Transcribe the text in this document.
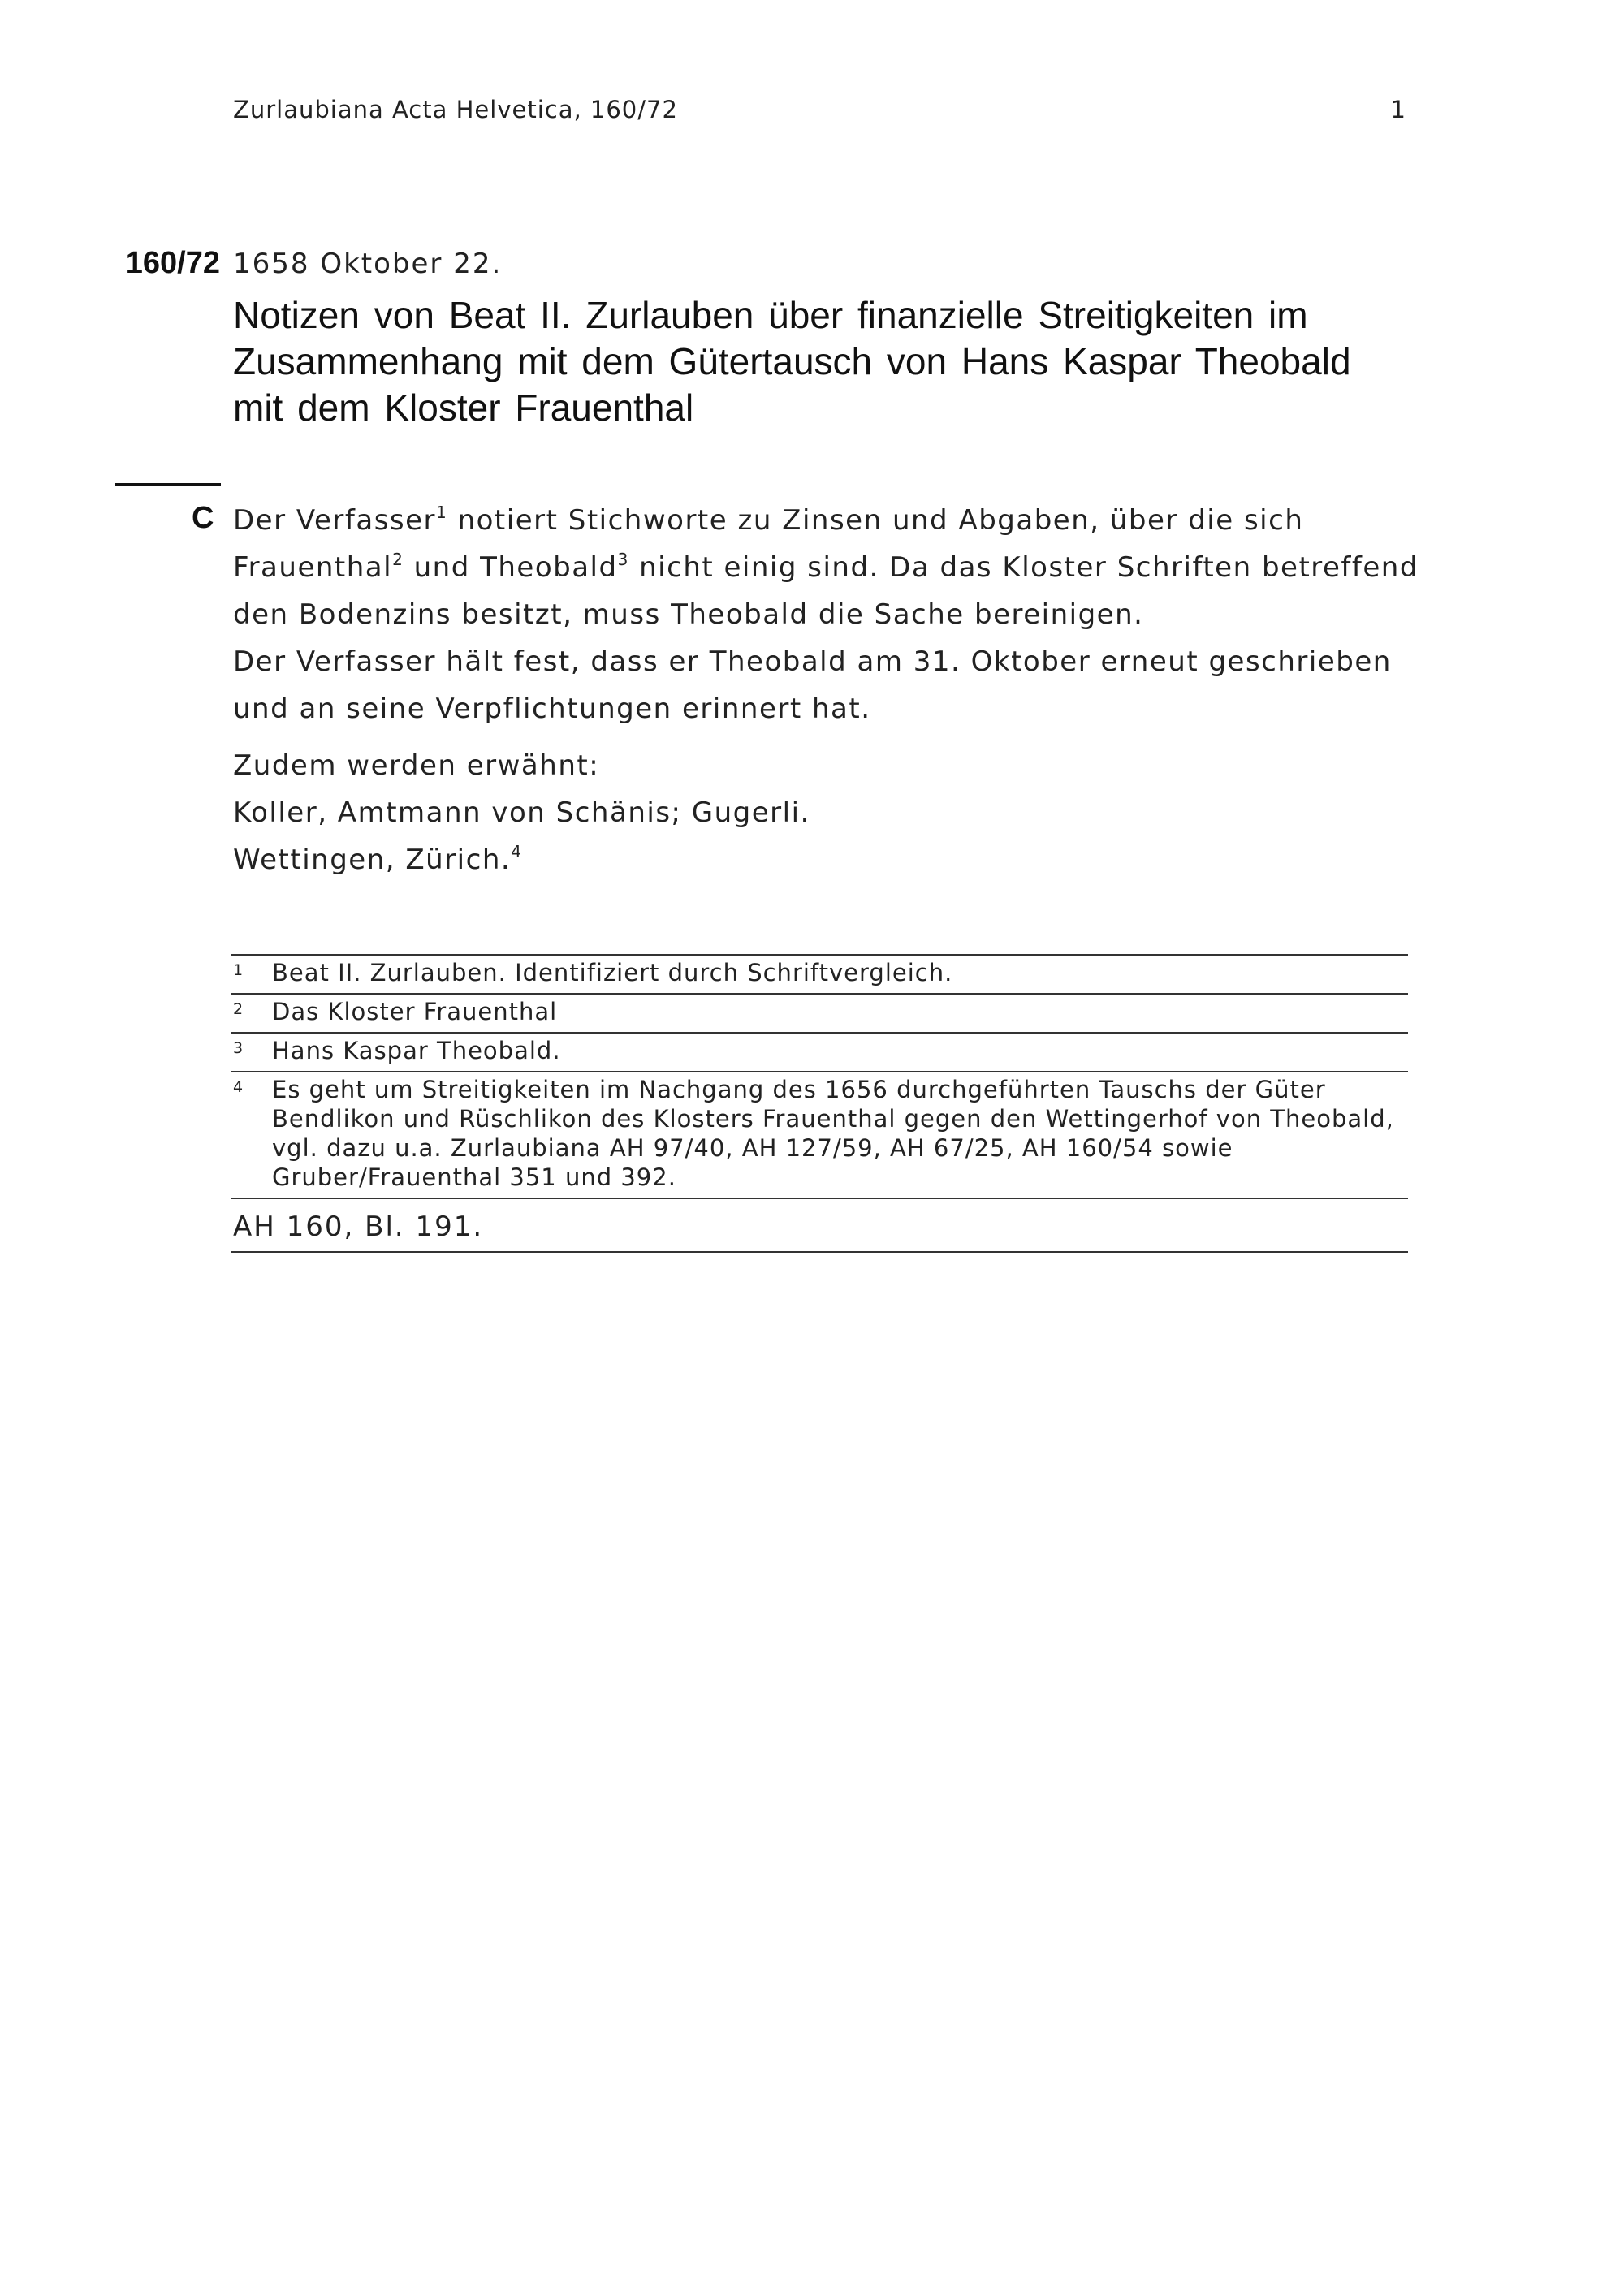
Zurlaubiana Acta Helvetica, 160/72	1
160/72 1658 Oktober 22.
Notizen von Beat II. Zurlauben über finanzielle Streitigkeiten im Zusammenhang mit dem Gütertausch von Hans Kaspar Theobald mit dem Kloster Frauenthal
C Der Verfasser$^1$ notiert Stichworte zu Zinsen und Abgaben, über die sich Frauenthal$^2$ und Theobald$^3$ nicht einig sind. Da das Kloster Schriften betreffend den Bodenzins besitzt, muss Theobald die Sache bereinigen.

Der Verfasser hält fest, dass er Theobald am 31. Oktober erneut geschrieben und an seine Verpflichtungen erinnert hat.

Zudem werden erwähnt:

Koller, Amtmann von Schänis; Gugerli.

Wettingen, Zürich.$^4$

1 Beat II. Zurlauben. Identifiziert durch Schriftvergleich.
2 Das Kloster Frauenthal
3 Hans Kaspar Theobald.
4 Es geht um Streitigkeiten im Nachgang des 1656 durchgeführten Tauschs der Güter Bendlikon und Rüschlikon des Klosters Frauenthal gegen den Wettingerhof von Theobald, vgl. dazu u.a. Zurlaubiana AH 97/40, AH 127/59, AH 67/25, AH 160/54 sowie Gruber/Frauenthal 351 und 392.
AH 160, Bl. 191.
